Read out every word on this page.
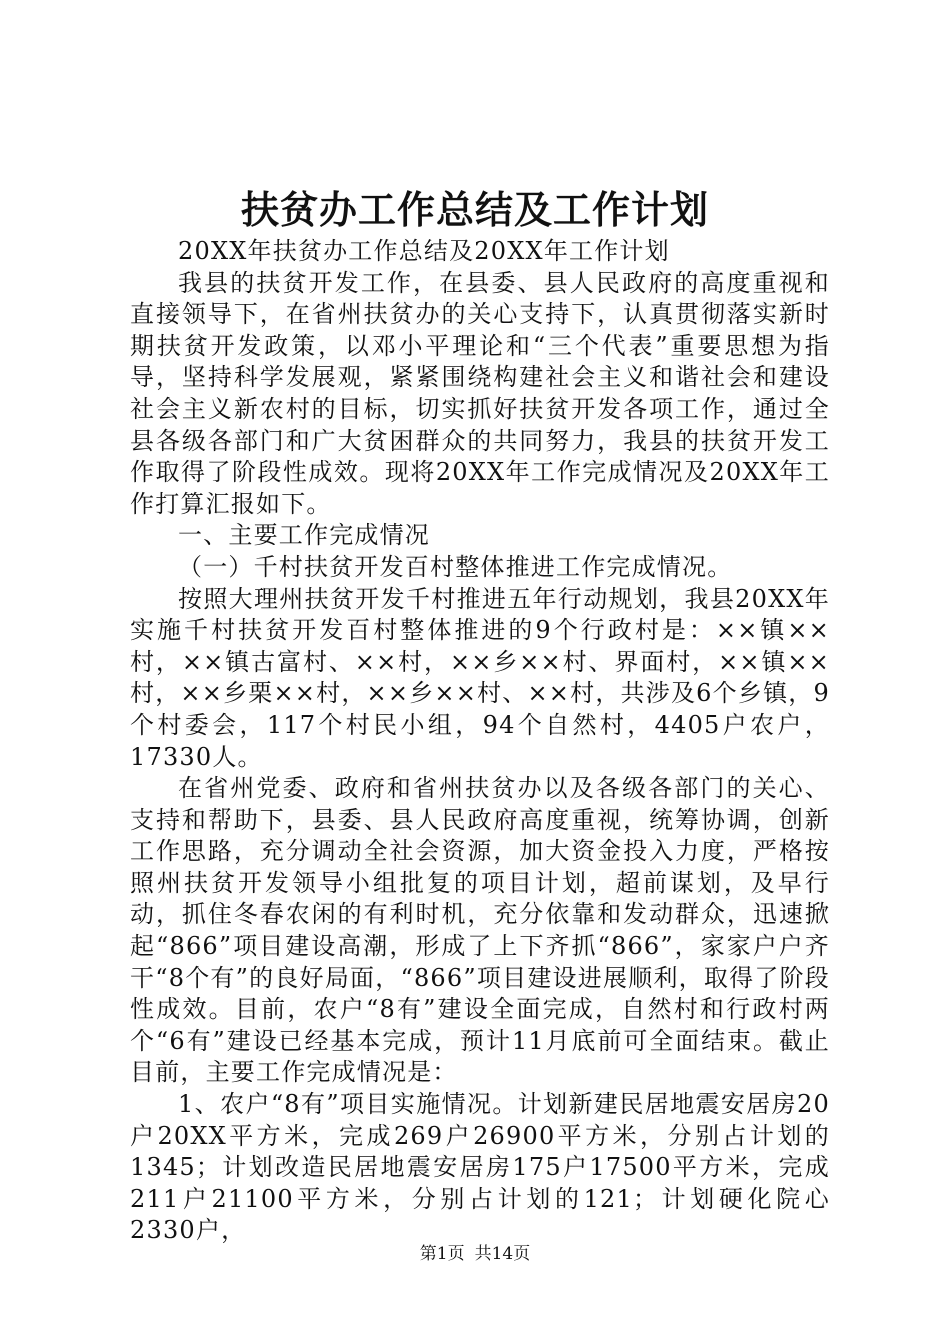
扶贫办工作总结及工作计划

20XX年扶贫办工作总结及20XX年工作计划

我县的扶贫开发工作，在县委、县人民政府的高度重视和直接领导下，在省州扶贫办的关心支持下，认真贯彻落实新时期扶贫开发政策，以邓小平理论和“三个代表”重要思想为指导，坚持科学发展观，紧紧围绕构建社会主义和谐社会和建设社会主义新农村的目标，切实抓好扶贫开发各项工作，通过全县各级各部门和广大贫困群众的共同努力，我县的扶贫开发工作取得了阶段性成效。现将20XX年工作完成情况及20XX年工作打算汇报如下。

一、主要工作完成情况

（一）千村扶贫开发百村整体推进工作完成情况。

按照大理州扶贫开发千村推进五年行动规划，我县20XX年实施千村扶贫开发百村整体推进的9个行政村是：××镇××村，××镇古富村、××村，××乡××村、界面村，××镇××村，××乡栗××村，××乡××村、××村，共涉及6个乡镇，9个村委会，117个村民小组，94个自然村，4405户农户，17330人。

在省州党委、政府和省州扶贫办以及各级各部门的关心、支持和帮助下，县委、县人民政府高度重视，统筹协调，创新工作思路，充分调动全社会资源，加大资金投入力度，严格按照州扶贫开发领导小组批复的项目计划，超前谋划，及早行动，抓住冬春农闲的有利时机，充分依靠和发动群众，迅速掀起“866”项目建设高潮，形成了上下齐抓“866”，家家户户齐干“8个有”的良好局面，“866”项目建设进展顺利，取得了阶段性成效。目前，农户“8有”建设全面完成，自然村和行政村两个“6有”建设已经基本完成，预计11月底前可全面结束。截止目前，主要工作完成情况是：

1、农户“8有”项目实施情况。计划新建民居地震安居房20户20XX平方米，完成269户26900平方米，分别占计划的1345；计划改造民居地震安居房175户17500平方米，完成211户21100平方米，分别占计划的121；计划硬化院心2330户，

第1页 共14页
